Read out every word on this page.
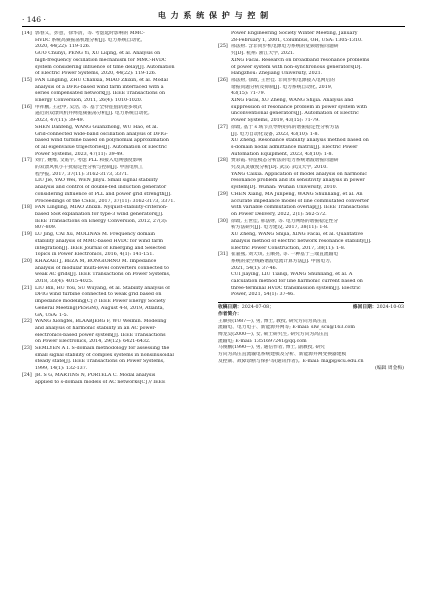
· 146 ·	电 力 系 统 保 护 与 控 制
[14] 郭春义，彭意，徐华清，等. 考虑延时影响的 MMC-
HVDC 系统高频振荡机理分析[J]. 电力系统自动化,
2020, 44(22): 119-126.
GUO Chunyi, PENG Yi, XU Liqing, et al. Analysis on
high-frequency oscillation mechanism for MMC-HVDC
system considering influence of time delay[J]. Automation
of Electric Power Systems, 2020, 44(22): 119-126.
[15] FAN Lingling, ZHU Chanxia, MIAO Zhixin, et al. Modal
analysis of a DFIG-based wind farm interfaced with a
series compensated network[J]. IEEE Transactions on
Energy Conversion, 2011, 26(4): 1010-1020.
[16] 申祥鹏, 王冠中, 吴浩, 等. 基于全特征值轨迹多项式
逼近的双馈风机并网宽频振荡分析[J]. 电力系统自动化,
2023, 47(11): 39-49.
SHEN Danfeng, WANG Guanzhong, WU Hao, et al.
Grid-connected wide-band oscillation analysis of DFIG-
based wind turbine based on polynomial approximation
of all eigenvalue trajectories[J]. Automation of Electric
Power Systems, 2023, 47(11): 39-49.
[17] 刘厅, 姚维, 文皓宇, 考虑 PLL 和接入电网强度影响
的双馈风机小干扰稳定性分析与控制[J]. 中国电机工
程学报, 2017, 37(11): 3162-3173, 3371.
LIU Jie, YAO Wei, WEN Jinyu. Small signal stability
analysis and control of double-fed induction generator
considering influence of PLL and power grid strength[J].
Proceedings of the CSEE, 2017, 37(11): 3162-3173, 3371.
[18] FAN Lingling, MIAO Zhixin. Nyquist-stability-criterion-
based SSR explanation for type-3 wind generators[J].
IEEE Transactions on Energy Conversion, 2012, 27(3):
807-809.
[19] LU Jing, CAI Xu, MOLINAS M. Frequency domain
stability analysis of MMC-based HVDC for wind farm
integration[J]. IEEE Journal of Emerging and Selected
Topics in Power Electronics, 2016, 4(1): 141-151.
[20] KHAZAEI J, BEZA M, BONGIORNO M. Impedance
analysis of modular multi-level converters connected to
weak AC grids[J]. IEEE Transactions on Power Systems,
2018, 33(4): 4015-4025.
[21] LIU Bin, HU You, SU Wuyang, et al. Stability analysis of
DFIG wind turbine connected to weak grid based on
impedance modeling[C] // IEEE Power Energy Society
General Meeting(PESGM), August 4-8, 2019, Atlanta,
GA, USA: 1-5.
[22] WANG Xiongfei, BLAABJERG F, WU Weimin. Modeling
and analysis of harmonic stability in an AC power-
electronics-based power system[J]. IEEE Transactions
on Power Electronics, 2014, 29(12): 6421-6432.
[23] SEMLYEN A I. S-domain methodology for assessing the
small signal stability of complex systems in nonsinusoidal
steady state[J]. IEEE Transactions on Power Systems,
1999, 14(1): 132-137.
[24] JR. S G, MARTINS N, PORTELA C. Modal analysis
applied to s-domain models of AC networks[C] // IEEE
Power Engineering Society Winter Meeting, January
28-February 1, 2001, Columbus, OH, USA: 1305-1310.
[25] 邢法财. 含非同步机电源电力系统的宽频谐振问题研
究[D]. 杭州: 浙江大学, 2021.
XING Facai. Research on broadband resonance problems
of power system with non-synchronous generators[D].
Hangzhou: Zhejiang University, 2021.
[26] 邢法财, 徐政, 王世佳. 非同步机电源接入电网后的
谐振问题分析及抑制[J]. 电力系统自动化, 2019,
43(15): 71-79.
XING Facai, XU Zheng, WANG Shijia. Analysis and
suppression of resonance problem in power system with
unconventional generators[J]. Automation of Electric
Power Systems, 2019, 43(15): 71-79.
[27] 徐政, 基于 s 域节点导纳矩阵的谐振稳定性分析方法
[J]. 电力自动化设备, 2023, 43(10): 1-8.
XU Zheng. Resonance stability analysis method based on
s-domain nodal admittance matrix[J]. Electric Power
Automation Equipment, 2023, 43(10): 1-8.
[28] 贾彩霞. 特征模态分析法的电力系统谐波谐振问题研
究及其灵敏度分析[D]. 武汉: 武汉大学, 2010.
YANG Caixia. Application of model analysis on harmonic
resonance problem and its sensitivity analysis in power
system[D]. Wuhan: Wuhan University, 2010.
[29] CHEN Xiang, MA Junpeng, WANG Shunliang, et al. An
accurate impedance model of line commutated converter
with variable commutation overlap[J]. IEEE Transactions
on Power Delivery, 2022, 2(1): 562-572.
[30] 徐政, 王世佳, 邢法财, 等. 电力网络的谐振稳定性分
析方法研究[J]. 电力建设, 2017, 38(11): 1-8.
XU Zheng, WANG Shijia, XING Facai, et al. Qualitative
analysis method of electric network resonance stability[J].
Electric Power Construction, 2017, 38(11): 1-8.
[31] 崔嘉燕, 刘天琪, 王顺亮, 等. 一种基于三端直流输电
系统的架空线路谐波电流计算方法[J]. 中国电力,
2021, 54(1): 37-46.
CUI Jiaying, LIU Tianqi, WANG Shunliang, et al. A
calculation method for line harmonic current based on
three-terminal HVDC transmission system[J]. Electric
Power, 2021, 54(1): 37-46.
收稿日期：2024-07-08；	修回日期：2024-10-03
作者简介：
王顺亮(1987—), 男, 博士, 教授, 研究方向为高压直
流输电、电力电子、新能源并网等; E-mail: slw_scu@163.com
傅龙昊(2000—), 女, 硕士研究生, 研究方向为高压直
流输电; E-mail: 1351697241@qq.com
马俊鹏(1990—), 男, 通信作者, 博士, 副教授, 研究
方向为高压直流输电系统建模及分析、新能源并网变换器建模
及控制、故障诊断与保护等(通讯作者)。E-mail: majp@scu.edu.cn
(编辑 周金梅)
